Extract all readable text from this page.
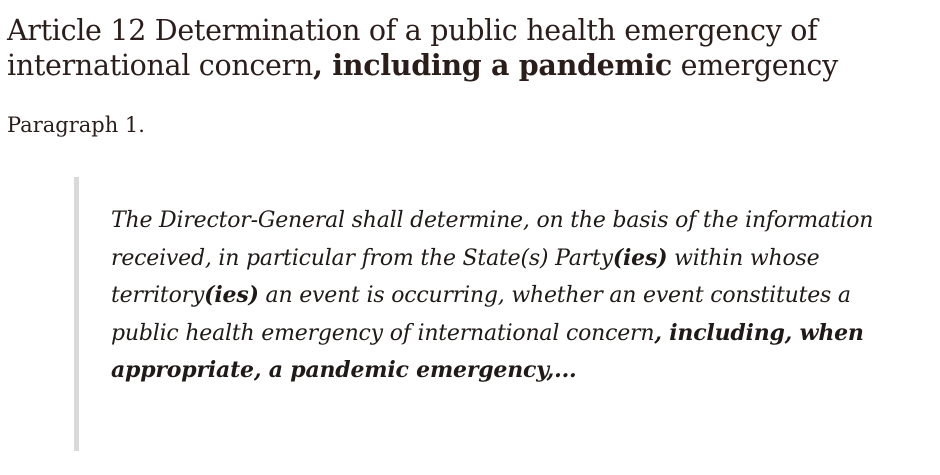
Article 12 Determination of a public health emergency of international concern, including a pandemic emergency

Paragraph 1.

The Director-General shall determine, on the basis of the information received, in particular from the State(s) Party(ies) within whose territory(ies) an event is occurring, whether an event constitutes a public health emergency of international concern, including, when appropriate, a pandemic emergency,...
